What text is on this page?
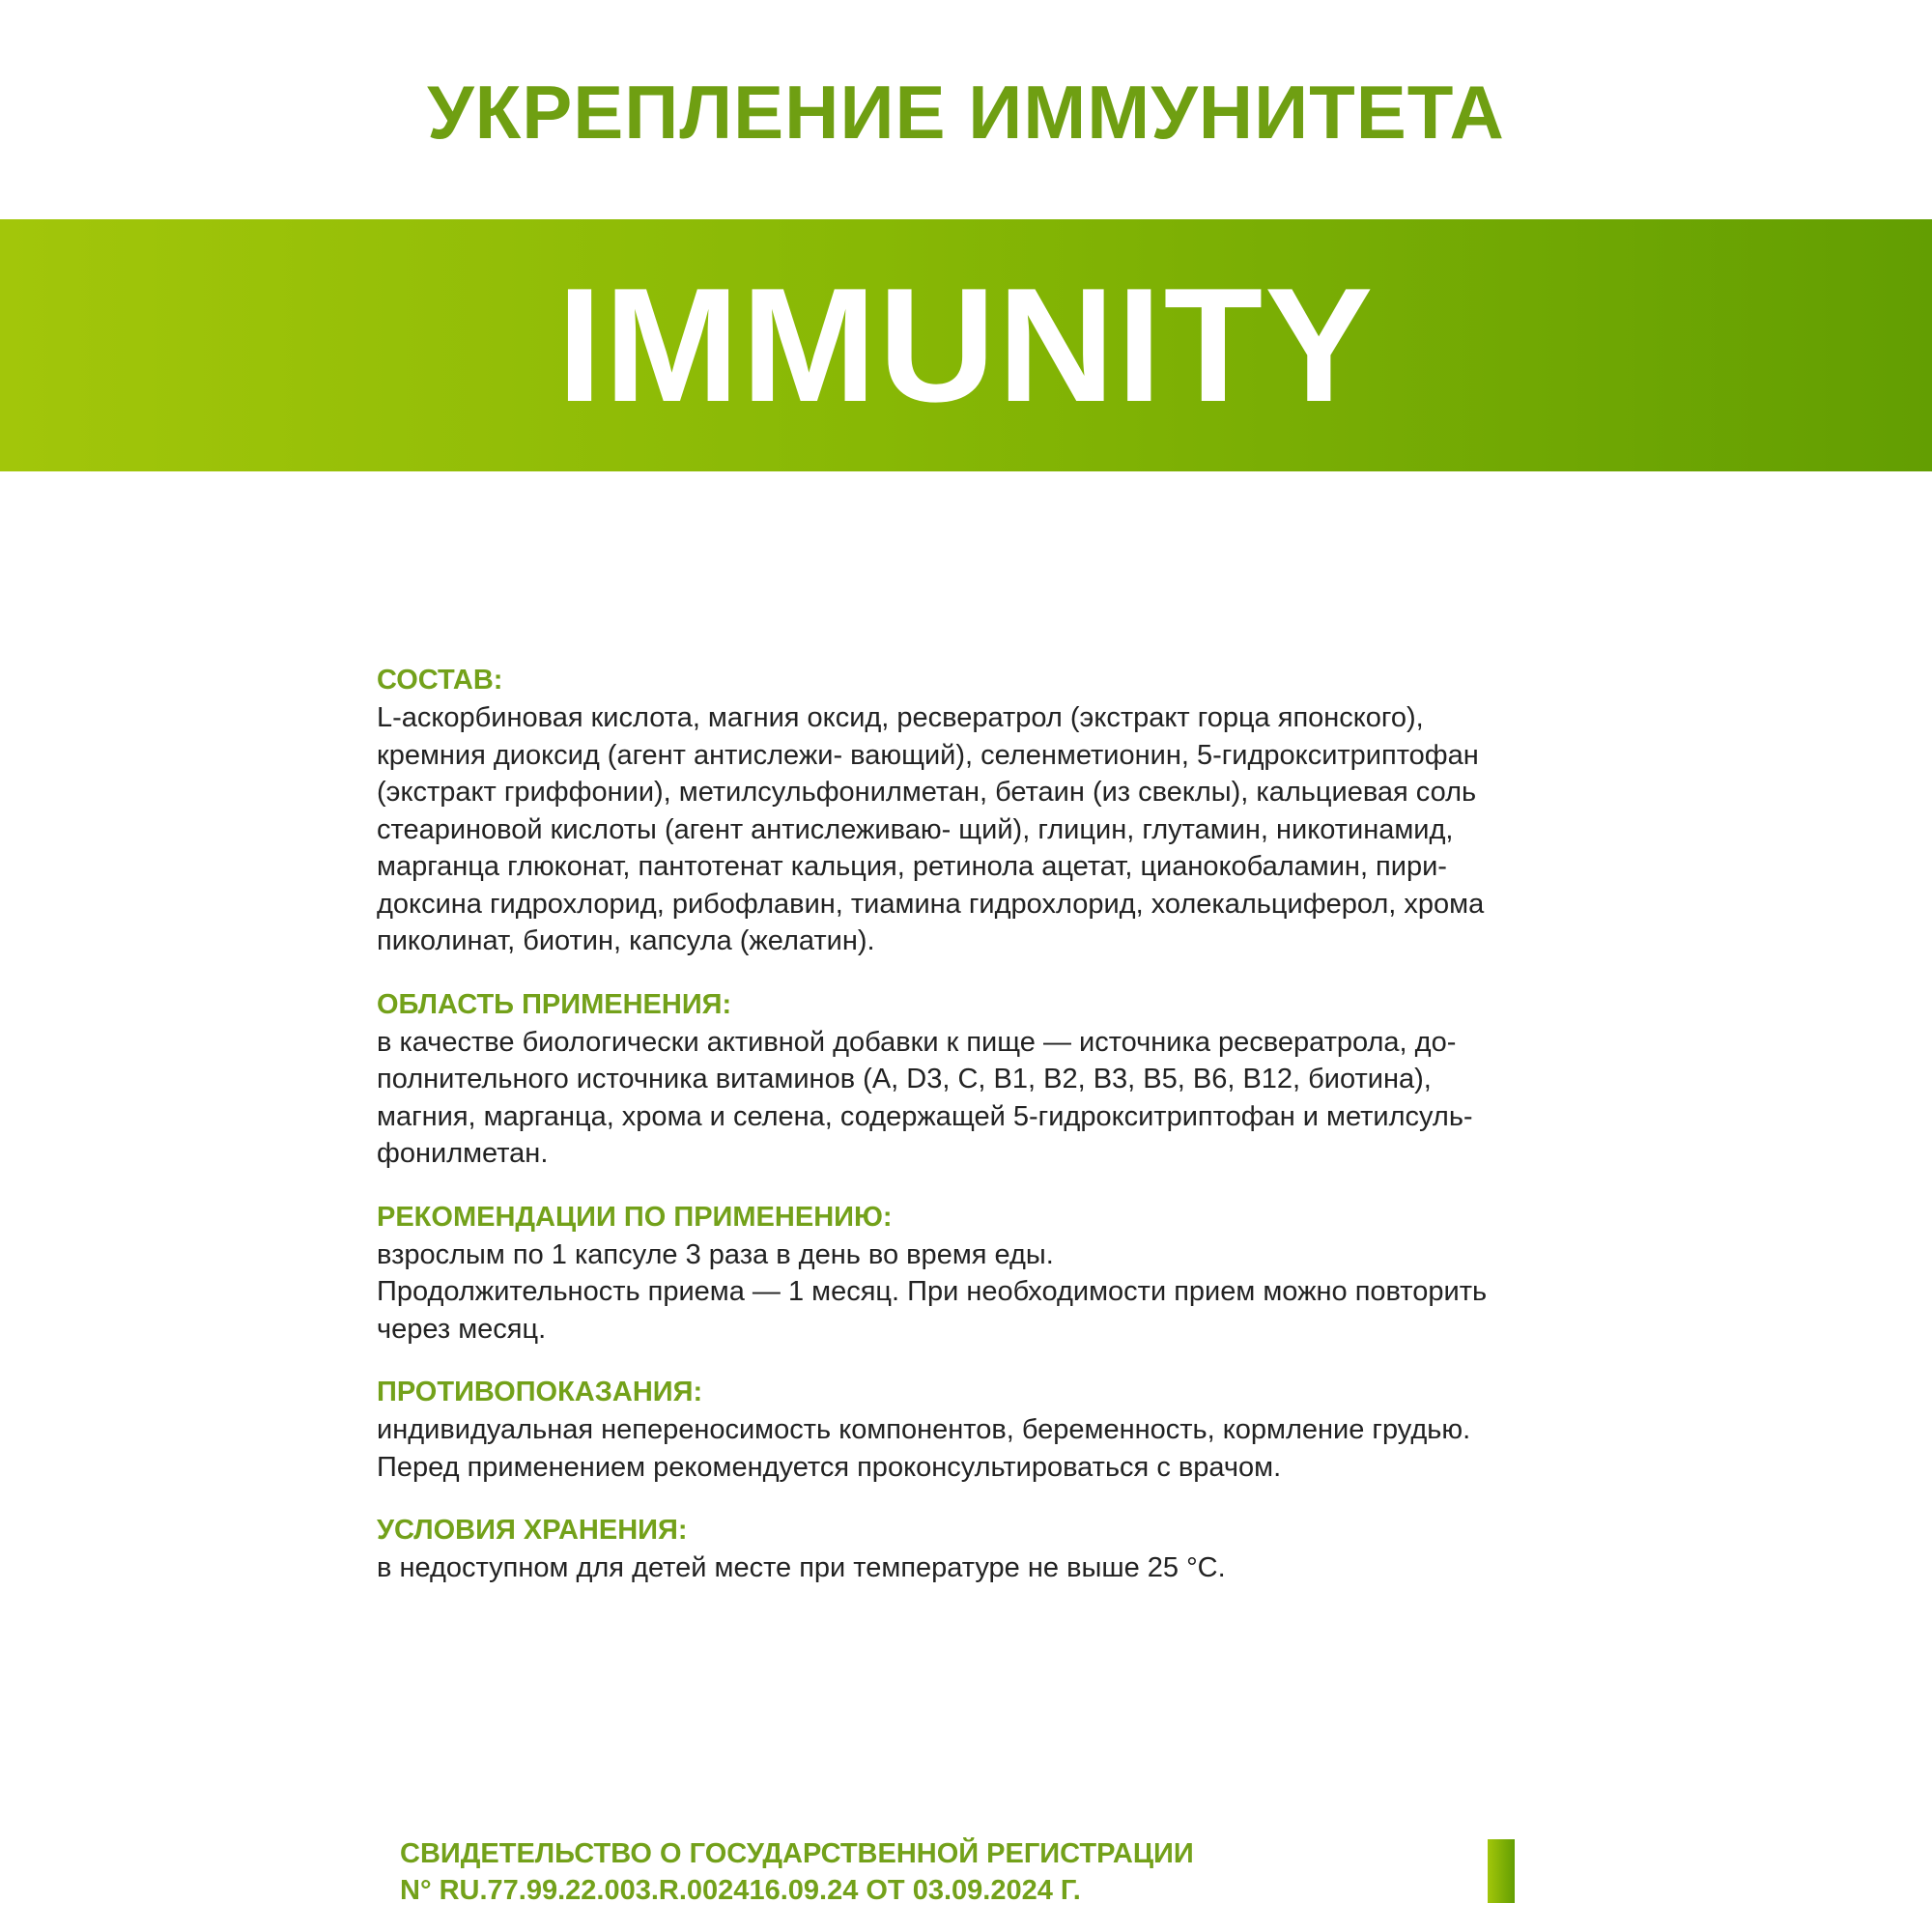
УКРЕПЛЕНИЕ ИММУНИТЕТА
IMMUNITY
СОСТАВ:

L-аскорбиновая кислота, магния оксид, ресвератрол (экстракт горца японского),

кремния диоксид (агент антислежи- вающий), селенметионин, 5-гидрокситриптофан

(экстракт гриффонии), метилсульфонилметан, бетаин (из свеклы), кальциевая соль

стеариновой кислоты (агент антислеживаю- щий), глицин, глутамин, никотинамид,

марганца глюконат, пантотенат кальция, ретинола ацетат, цианокобаламин, пири-

доксина гидрохлорид, рибофлавин, тиамина гидрохлорид, холекальциферол, хрома

пиколинат, биотин, капсула (желатин).

ОБЛАСТЬ ПРИМЕНЕНИЯ:

в качестве биологически активной добавки к пище — источника ресвератрола, до-

полнительного источника витаминов (А, D3, С, В1, В2, В3, В5, В6, В12, биотина),

магния, марганца, хрома и селена, содержащей 5-гидрокситриптофан и метилсуль-

фонилметан.

РЕКОМЕНДАЦИИ ПО ПРИМЕНЕНИЮ:

взрослым по 1 капсуле 3 раза в день во время еды.

Продолжительность приема — 1 месяц. При необходимости прием можно повторить

через месяц.

ПРОТИВОПОКАЗАНИЯ:

индивидуальная непереносимость компонентов, беременность, кормление грудью.

Перед применением рекомендуется проконсультироваться с врачом.

УСЛОВИЯ ХРАНЕНИЯ:

в недоступном для детей месте при температуре не выше 25 °С.

СВИДЕТЕЛЬСТВО О ГОСУДАРСТВЕННОЙ РЕГИСТРАЦИИ
N° RU.77.99.22.003.R.002416.09.24 ОТ 03.09.2024 Г.
